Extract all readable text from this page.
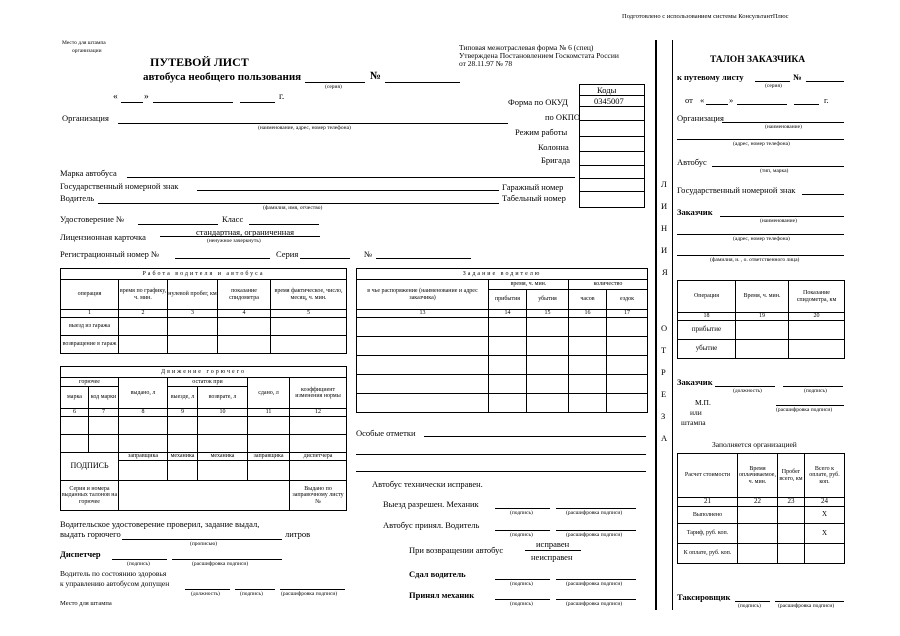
Подготовлено с использованием системы КонсультантПлюс
Место для штампа
организации
ПУТЕВОЙ ЛИСТ
автобуса необщего пользования
(серия)
№
«	»	г.
Типовая межотраслевая форма № 6 (спец)
Утверждена Постановлением Госкомстата России
от 28.11.97 № 78
Коды
0345007
Форма по ОКУД
по ОКПО
Режим работы
Колонна
Бригада
Гаражный номер
Табельный номер
Организация
(наименование, адрес, номер телефона)
Марка автобуса
Государственный номерной знак
Водитель
(фамилия, имя, отчество)
Удостоверение №	Класс
Лицензионная карточка	стандартная, ограниченная
(ненужное зачеркнуть)
Регистрационный номер №	Серия	№
Работа водителя и автобуса				
операция	время по графику, ч. мин.	нулевой пробег, км	показание спидометра	время фактическое, число, месяц, ч. мин.
1	2	3	4	5
выезд из гаража				
возвращение в гараж				
Движение горючего						
горючее		выдано, л	остаток при		сдано, л	коэффициент изменения нормы
марка	код марки		выезде, л	возврате, л		
6	7	8	9	10	11	12

ПОДПИСЬ		заправщика	механика	механика	заправщика	диспетчера

Серия и номера выданных талонов на горючее						Выдано по заправочному листу №
Задание водителю				
в чье распоряжение (наименование и адрес заказчика)	время, ч. мин.		количество	
	прибытия	убытия	часов	ездок
13	14	15	16	17

Особые отметки
Автобус технически исправен.
Выезд разрешен. Механик
(подпись)	(расшифровка подписи)
Автобус принял. Водитель
(подпись)	(расшифровка подписи)
При возвращении автобус
исправен
неисправен
Сдал водитель
(подпись)	(расшифровка подписи)
Принял механик
(подпись)	(расшифровка подписи)
Водительское удостоверение проверил, задание выдал,
выдать горючего	литров
(прописью)
Диспетчер
(подпись)	(расшифровка подписи)
Водитель по состоянию здоровья
к управлению автобусом допущен
(должность)	(подпись)	(расшифровка подписи)
Место для штампа
Л
И
Н
И
Я
О
Т
Р
Е
З
А
ТАЛОН ЗАКАЗЧИКА
к путевому листу
(серия)
№
от «	»	г.
Организация
(наименование)
(адрес, номер телефона)
Автобус
(тип, марка)
Государственный номерной знак
Заказчик
(наименование)
(адрес, номер телефона)
(фамилия, и. , о. ответственного лица)
Операция	Время, ч. мин.	Показание спидометра, км
18	19	20
прибытие		
убытие		
Заказчик
(должность)	(подпись)
М.П.
или
штампа
(расшифровка подписи)
Заполняется организацией
Расчет стоимости	Время оплачиваемое, ч. мин.	Пробег всего, км	Всего к оплате, руб. коп.
21	22	23	24
Выполнено			X
Тариф, руб. коп.			X
К оплате, руб. коп.			
Таксировщик
(подпись)	(расшифровка подписи)
